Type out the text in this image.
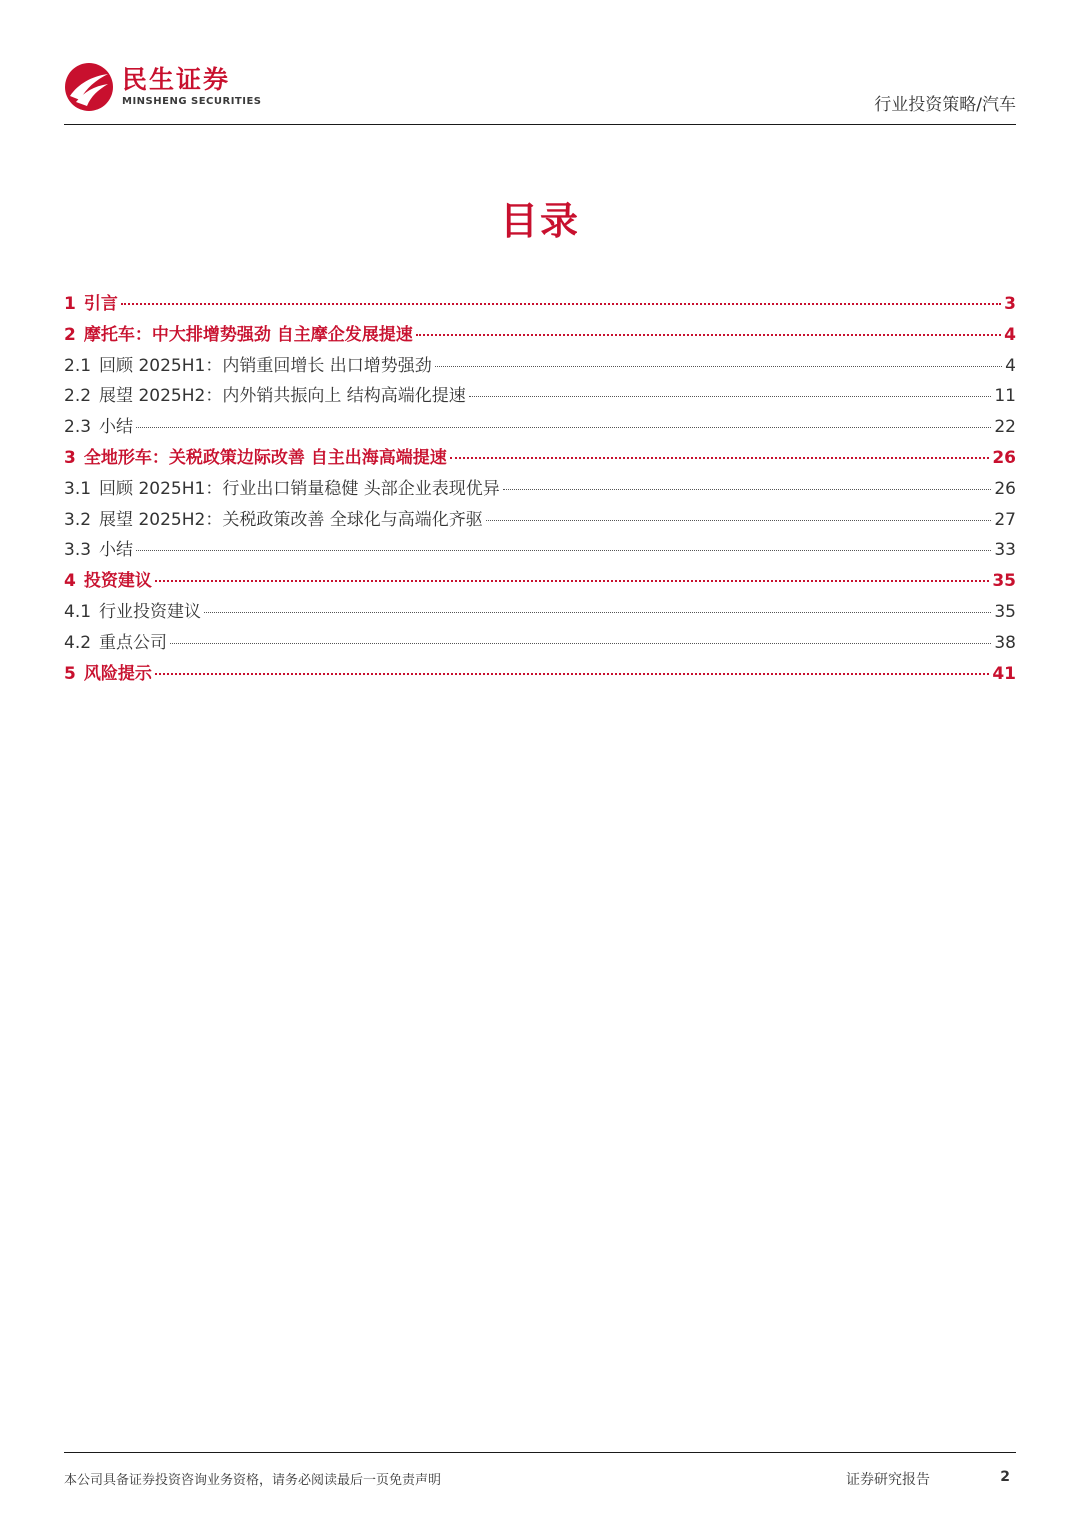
民生证券
MINSHENG SECURITIES	行业投资策略/汽车
目录
1 引言	3
2 摩托车：中大排增势强劲 自主摩企发展提速	4
2.1 回顾 2025H1：内销重回增长 出口增势强劲	4
2.2 展望 2025H2：内外销共振向上 结构高端化提速	11
2.3 小结	22
3 全地形车：关税政策边际改善 自主出海高端提速	26
3.1 回顾 2025H1：行业出口销量稳健 头部企业表现优异	26
3.2 展望 2025H2：关税政策改善 全球化与高端化齐驱	27
3.3 小结	33
4 投资建议	35
4.1 行业投资建议	35
4.2 重点公司	38
5 风险提示	41
本公司具备证券投资咨询业务资格，请务必阅读最后一页免责声明	证券研究报告	2
